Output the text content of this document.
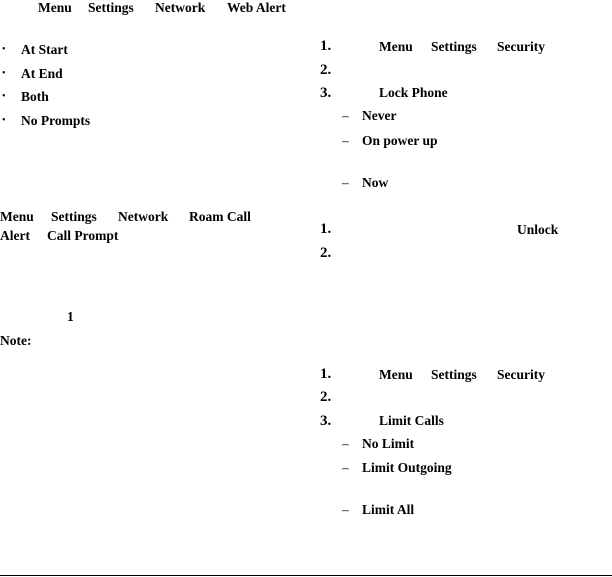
Menu Settings Network Web Alert
• At Start
• At End
• Both
• No Prompts
Menu Settings Network Roam Call
Alert Call Prompt
1
Note:
1.	Menu Settings Security
2.
3.	Lock Phone
– Never
– On power up
– Now
1.	Unlock
2.
1.	Menu Settings Security
2.
3.	Limit Calls
– No Limit
– Limit Outgoing
– Limit All
